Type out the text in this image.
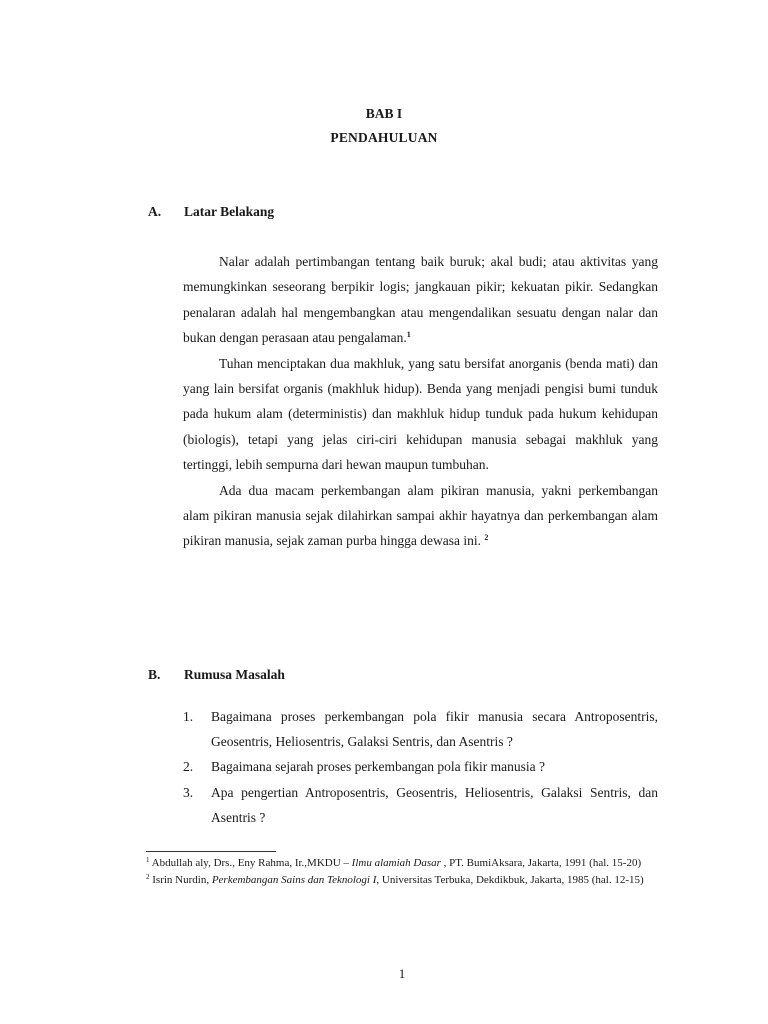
BAB I
PENDAHULUAN
A. Latar Belakang

Nalar adalah pertimbangan tentang baik buruk; akal budi; atau aktivitas yang memungkinkan seseorang berpikir logis; jangkauan pikir; kekuatan pikir. Sedangkan penalaran adalah hal mengembangkan atau mengendalikan sesuatu dengan nalar dan bukan dengan perasaan atau pengalaman.$^1$

Tuhan menciptakan dua makhluk, yang satu bersifat anorganis (benda mati) dan yang lain bersifat organis (makhluk hidup). Benda yang menjadi pengisi bumi tunduk pada hukum alam (deterministis) dan makhluk hidup tunduk pada hukum kehidupan (biologis), tetapi yang jelas ciri-ciri kehidupan manusia sebagai makhluk yang tertinggi, lebih sempurna dari hewan maupun tumbuhan.

Ada dua macam perkembangan alam pikiran manusia, yakni perkembangan alam pikiran manusia sejak dilahirkan sampai akhir hayatnya dan perkembangan alam pikiran manusia, sejak zaman purba hingga dewasa ini. $^2$

B. Rumusa Masalah
1.	Bagaimana proses perkembangan pola fikir manusia secara Antroposentris, Geosentris, Heliosentris, Galaksi Sentris, dan Asentris ?
2.	Bagaimana sejarah proses perkembangan pola fikir manusia ?
3.	Apa pengertian Antroposentris, Geosentris, Heliosentris, Galaksi Sentris, dan Asentris ?

$^1$ Abdullah aly, Drs., Eny Rahma, Ir.,MKDU – Ilmu alamiah Dasar , PT. BumiAksara, Jakarta, 1991 (hal. 15-20)

$^2$ Isrin Nurdin, Perkembangan Sains dan Teknologi I, Universitas Terbuka, Dekdikbuk, Jakarta, 1985 (hal. 12-15)

1
